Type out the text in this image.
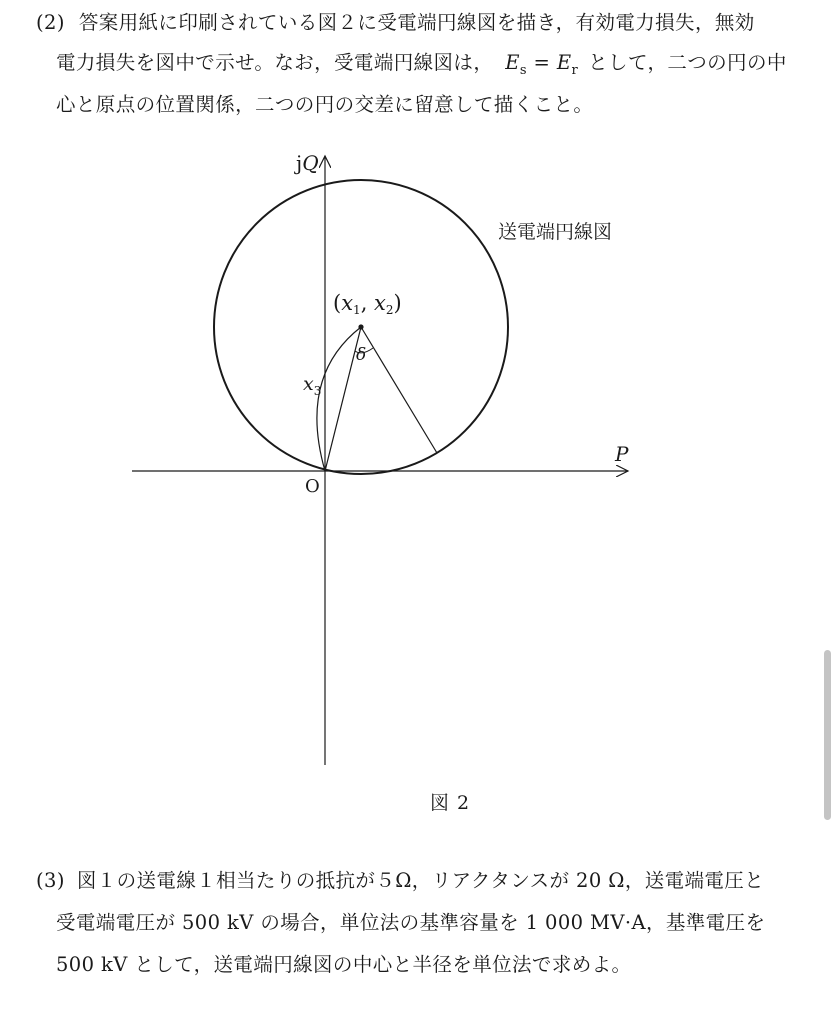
(2) 答案用紙に印刷されている図２に受電端円線図を描き，有効電力損失，無効
電力損失を図中で示せ。なお，受電端円線図は， $E_s = E_r$ として，二つの円の中
心と原点の位置関係，二つの円の交差に留意して描くこと。
jQ
P
O
送電端円線図
(x1, x2)
$x_3$
δ
図 2
(3) 図１の送電線１相当たりの抵抗が５Ω，リアクタンスが 20 Ω，送電端電圧と
受電端電圧が 500 kV の場合，単位法の基準容量を 1 000 MV·A，基準電圧を
500 kV として，送電端円線図の中心と半径を単位法で求めよ。
